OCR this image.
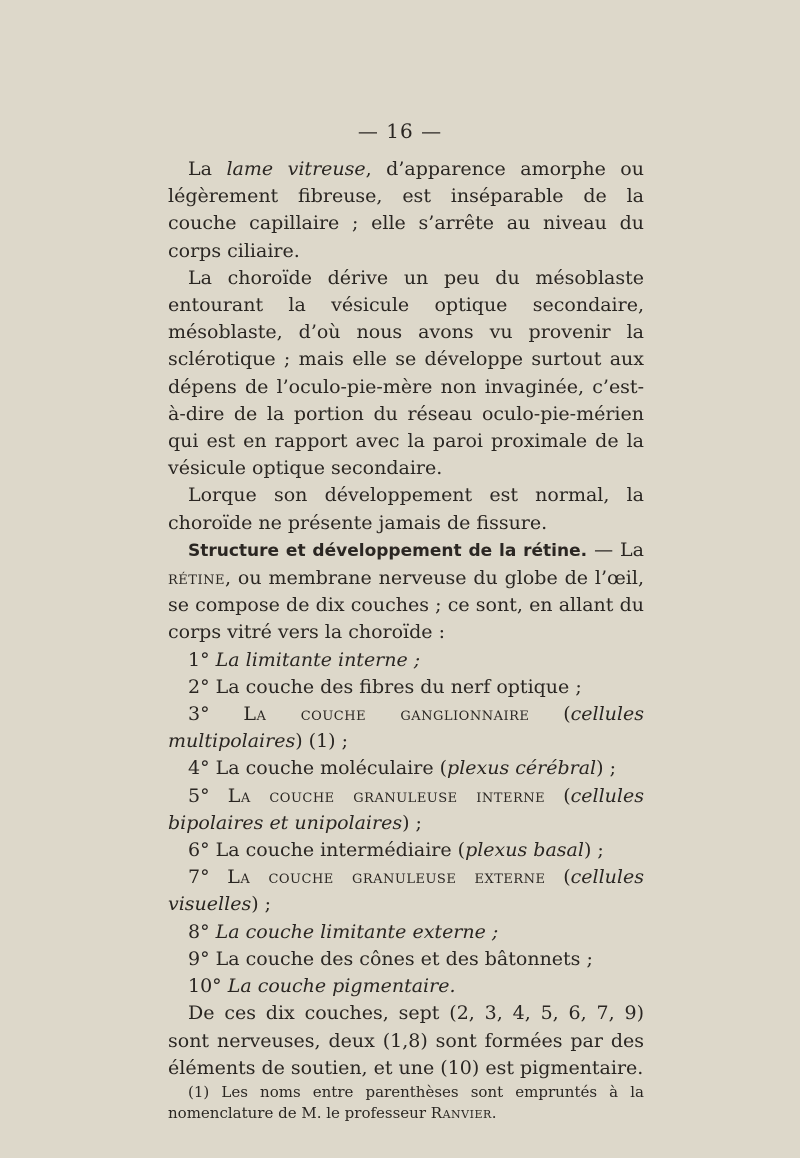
— 16 —

La lame vitreuse, d’apparence amorphe ou légèrement fibreuse, est inséparable de la couche capillaire ; elle s’arrête au niveau du corps ciliaire.

La choroïde dérive un peu du mésoblaste entourant la vésicule optique secondaire, mésoblaste, d’où nous avons vu provenir la sclérotique ; mais elle se développe surtout aux dépens de l’oculo-pie-mère non invaginée, c’est-à-dire de la portion du réseau oculo-pie-mérien qui est en rapport avec la paroi proximale de la vésicule optique secondaire.

Lorque son développement est normal, la choroïde ne présente jamais de fissure.

Structure et développement de la rétine. — La rétine, ou membrane nerveuse du globe de l’œil, se compose de dix couches ; ce sont, en allant du corps vitré vers la choroïde :

1° La limitante interne ;

2° La couche des fibres du nerf optique ;

3° La couche ganglionnaire (cellules multipolaires) (1) ;

4° La couche moléculaire (plexus cérébral) ;

5° La couche granuleuse interne (cellules bipolaires et unipolaires) ;

6° La couche intermédiaire (plexus basal) ;

7° La couche granuleuse externe (cellules visuelles) ;

8° La couche limitante externe ;

9° La couche des cônes et des bâtonnets ;

10° La couche pigmentaire.

De ces dix couches, sept (2, 3, 4, 5, 6, 7, 9) sont nerveuses, deux (1,8) sont formées par des éléments de soutien, et une (10) est pigmentaire.

(1) Les noms entre parenthèses sont empruntés à la nomenclature de M. le professeur Ranvier.
